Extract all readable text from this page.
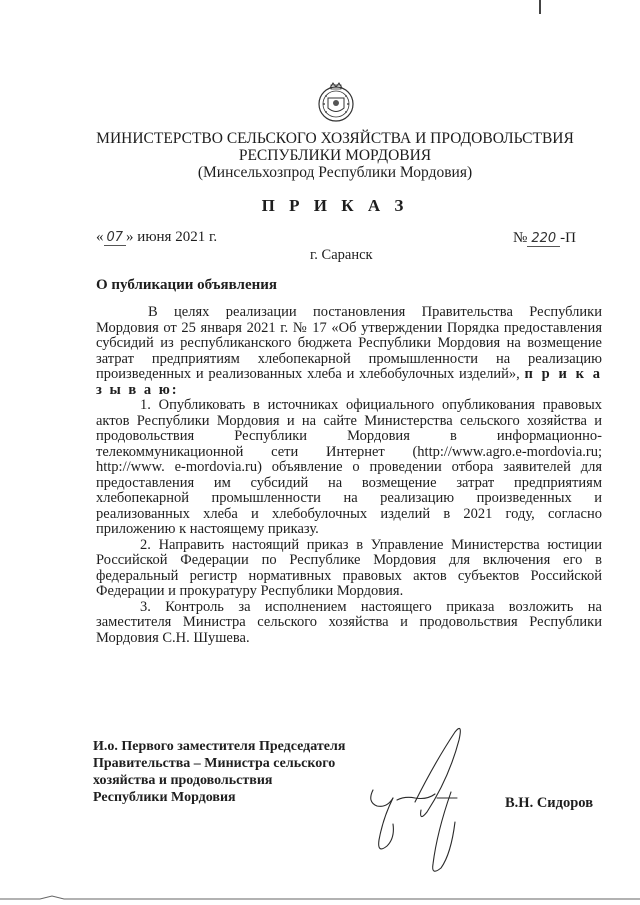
МИНИСТЕРСТВО СЕЛЬСКОГО ХОЗЯЙСТВА И ПРОДОВОЛЬСТВИЯ
РЕСПУБЛИКИ МОРДОВИЯ
(Минсельхозпрод Республики Мордовия)
П Р И К А З
« 07 » июня 2021 г.	№ 220 -П
г. Саранск
О публикации объявления

В целях реализации постановления Правительства Республики Мордовия от 25 января 2021 г. № 17 «Об утверждении Порядка предоставления субсидий из республиканского бюджета Республики Мордовия на возмещение затрат предприятиям хлебопекарной промышленности на реализацию произведенных и реализованных хлеба и хлебобулочных изделий», п р и к а з ы в а ю:

1. Опубликовать в источниках официального опубликования правовых актов Республики Мордовия и на сайте Министерства сельского хозяйства и продовольствия Республики Мордовия в информационно-телекоммуникационной сети Интернет (http://www.agro.e-mordovia.ru; http://www. e-mordovia.ru) объявление о проведении отбора заявителей для предоставления им субсидий на возмещение затрат предприятиям хлебопекарной промышленности на реализацию произведенных и реализованных хлеба и хлебобулочных изделий в 2021 году, согласно приложению к настоящему приказу.

2. Направить настоящий приказ в Управление Министерства юстиции Российской Федерации по Республике Мордовия для включения его в федеральный регистр нормативных правовых актов субъектов Российской Федерации и прокуратуру Республики Мордовия.

3. Контроль за исполнением настоящего приказа возложить на заместителя Министра сельского хозяйства и продовольствия Республики Мордовия С.Н. Шушева.

И.о. Первого заместителя Председателя
Правительства – Министра сельского
хозяйства и продовольствия
Республики Мордовия	В.Н. Сидоров
